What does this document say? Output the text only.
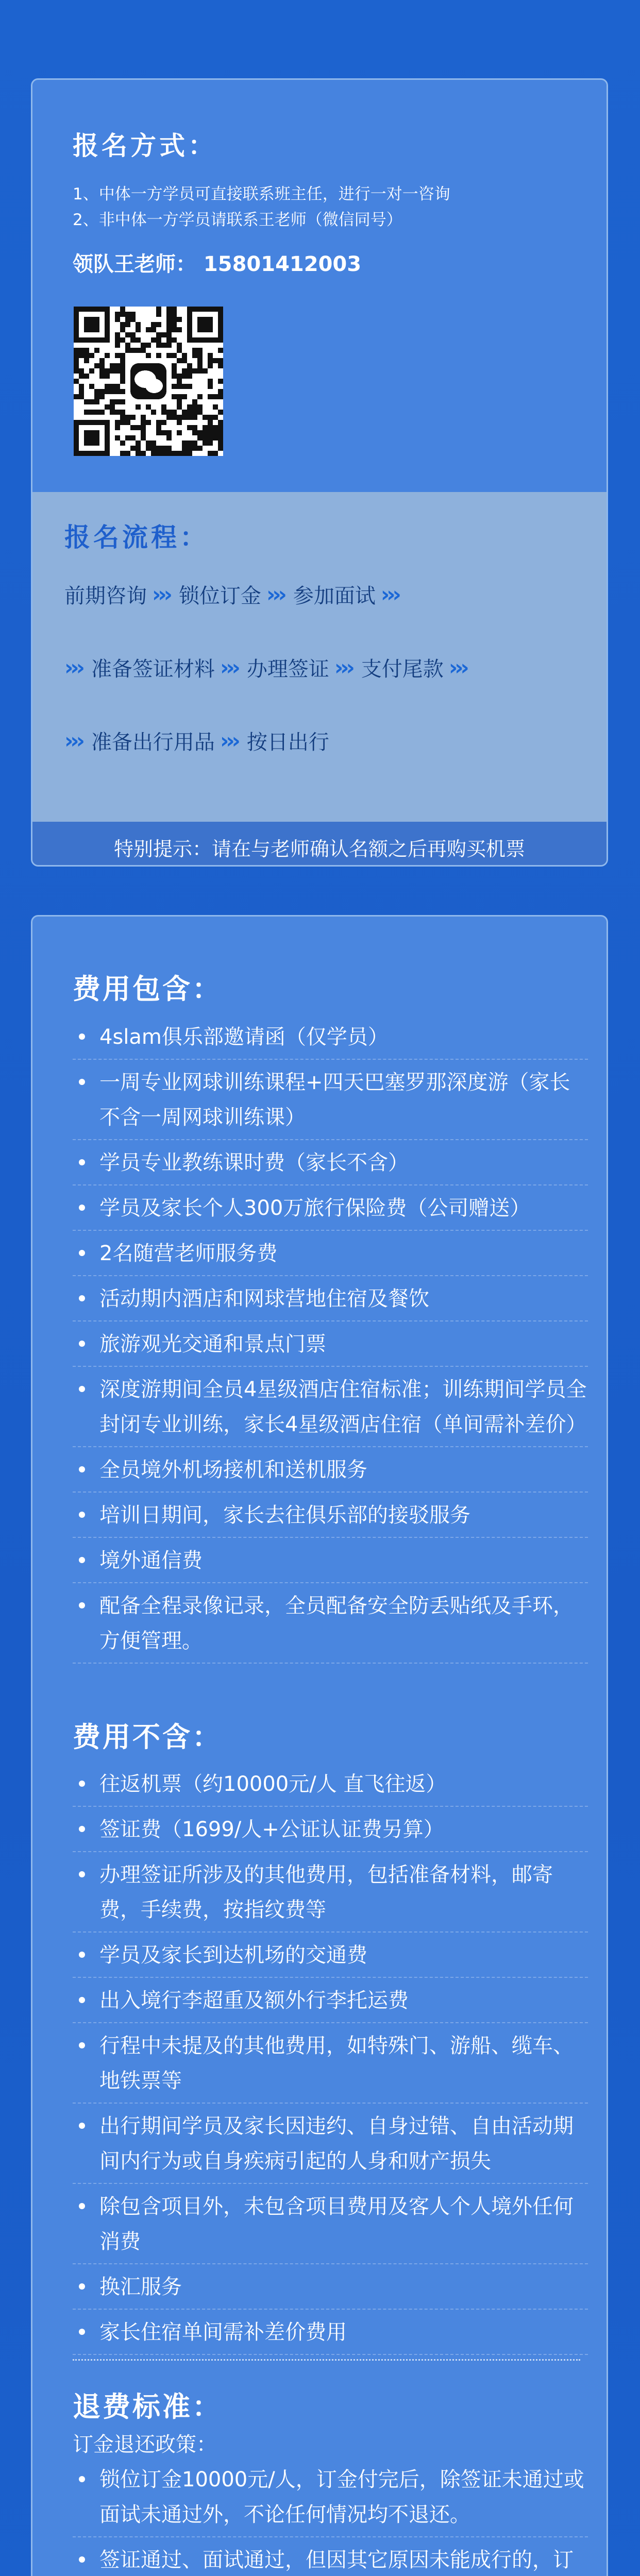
报名方式：
1、中体一方学员可直接联系班主任，进行一对一咨询
2、非中体一方学员请联系王老师（微信同号）
领队王老师： 15801412003
报名流程：
前期咨询 ››› 锁位订金 ››› 参加面试 ›››
››› 准备签证材料 ››› 办理签证 ››› 支付尾款 ›››
››› 准备出行用品 ››› 按日出行
特别提示：请在与老师确认名额之后再购买机票
费用包含：
4slam俱乐部邀请函（仅学员）
一周专业网球训练课程+四天巴塞罗那深度游（家长不含一周网球训练课）
学员专业教练课时费（家长不含）
学员及家长个人300万旅行保险费（公司赠送）
2名随营老师服务费
活动期内酒店和网球营地住宿及餐饮
旅游观光交通和景点门票
深度游期间全员4星级酒店住宿标准；训练期间学员全封闭专业训练，家长4星级酒店住宿（单间需补差价）
全员境外机场接机和送机服务
培训日期间，家长去往俱乐部的接驳服务
境外通信费
配备全程录像记录，全员配备安全防丢贴纸及手环，方便管理。
费用不含：
往返机票（约10000元/人 直飞往返）
签证费（1699/人+公证认证费另算）
办理签证所涉及的其他费用，包括准备材料，邮寄费，手续费，按指纹费等
学员及家长到达机场的交通费
出入境行李超重及额外行李托运费
行程中未提及的其他费用，如特殊门、游船、缆车、地铁票等
出行期间学员及家长因违约、自身过错、自由活动期间内行为或自身疾病引起的人身和财产损失
除包含项目外，未包含项目费用及客人个人境外任何消费
换汇服务
家长住宿单间需补差价费用
退费标准：
订金退还政策：
锁位订金10000元/人，订金付完后，除签证未通过或面试未通过外，不论任何情况均不退还。
签证通过、面试通过，但因其它原因未能成行的，订
